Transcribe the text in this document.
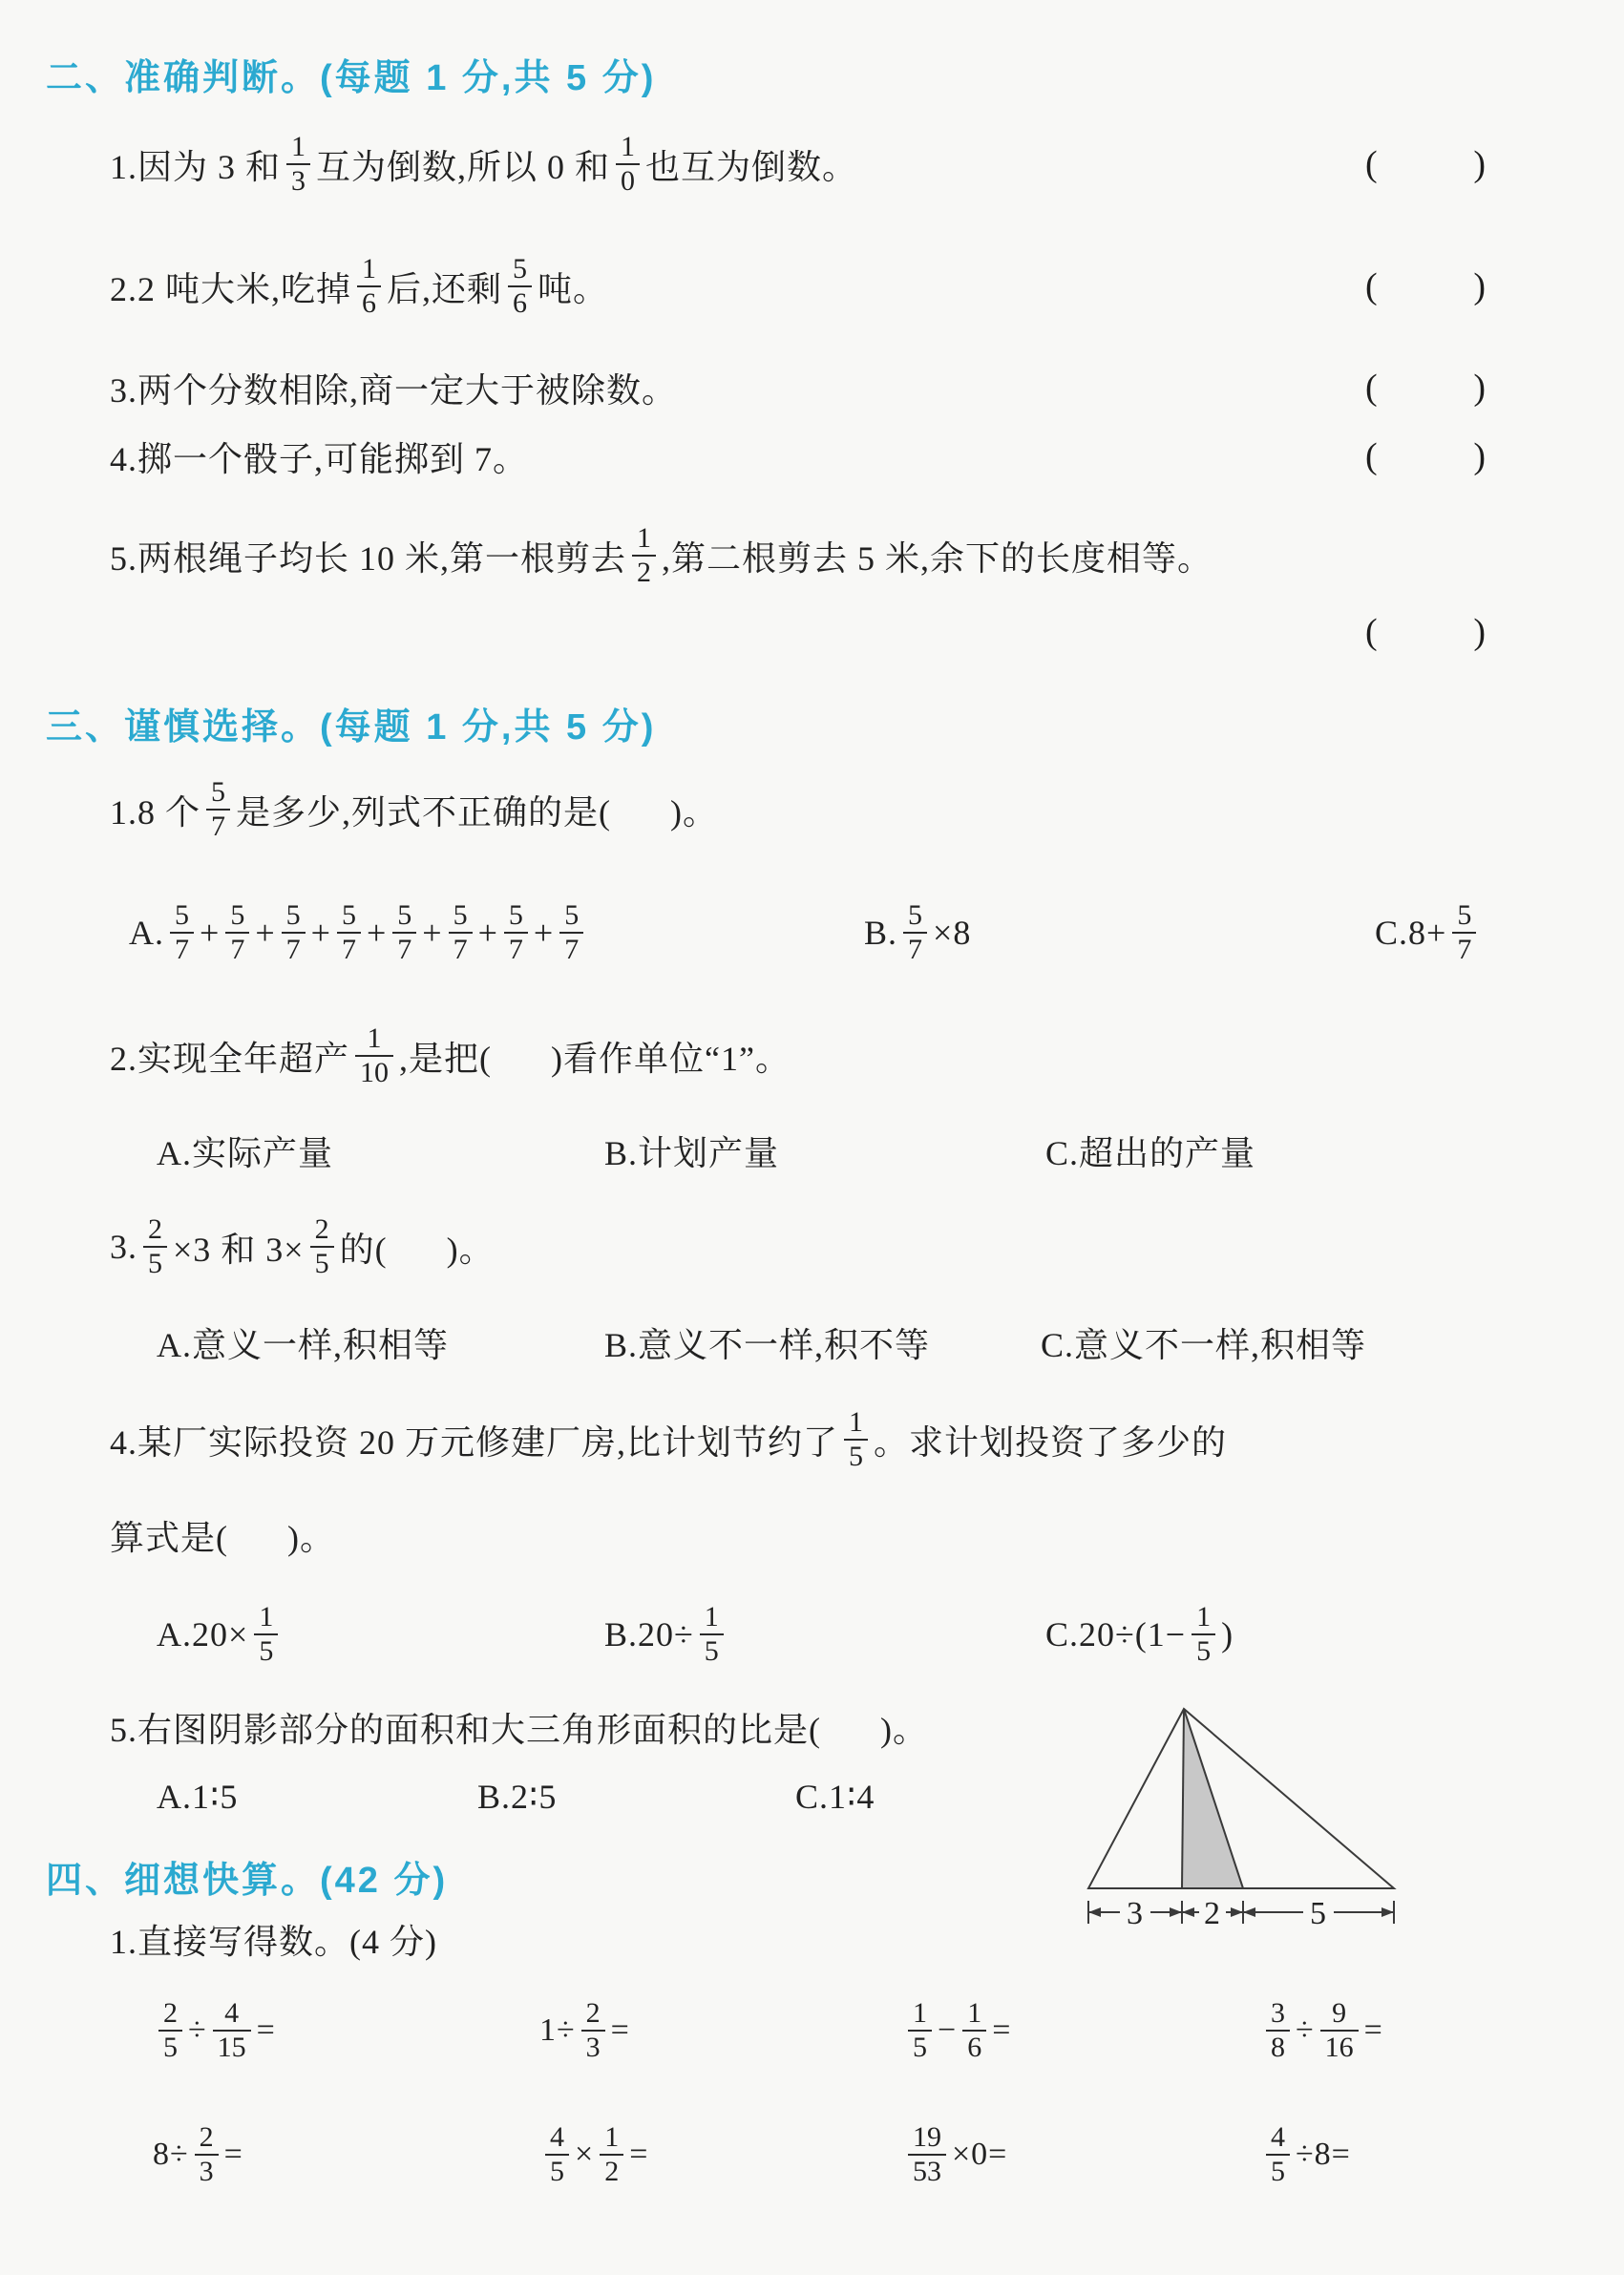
二、准确判断。(每题 1 分,共 5 分)
1.因为 3 和 $\frac{1}{3}$ 互为倒数,所以 0 和 $\frac{1}{0}$ 也互为倒数。	(	)
2.2 吨大米,吃掉 $\frac{1}{6}$ 后,还剩 $\frac{5}{6}$ 吨。	(	)
3.两个分数相除,商一定大于被除数。	(	)
4.掷一个骰子,可能掷到 7。	(	)
5.两根绳子均长 10 米,第一根剪去 $\frac{1}{2}$ ,第二根剪去 5 米,余下的长度相等。
(	)
三、谨慎选择。(每题 1 分,共 5 分)
1.8 个 $\frac{5}{7}$ 是多少,列式不正确的是( )。
A. $\frac{5}{7} + \frac{5}{7} + \frac{5}{7} + \frac{5}{7} + \frac{5}{7} + \frac{5}{7} + \frac{5}{7} + \frac{5}{7}$	B. $\frac{5}{7} \times 8$	$C.8+ \frac{5}{7}$
2.实现全年超产 $\frac{1}{10}$ ,是把( )看作单位“1”。
A.实际产量	B.计划产量	C.超出的产量
3. $\frac{2}{5} \times 3$ 和 $3\times \frac{2}{5}$ 的( )。
A.意义一样,积相等	B.意义不一样,积不等	C.意义不一样,积相等
4.某厂实际投资 20 万元修建厂房,比计划节约了 $\frac{1}{5}$ 。求计划投资了多少的
算式是( )。
$A.20\times \frac{1}{5}$	$B.20\div \frac{1}{5}$	$C.20\div(1- \frac{1}{5}$ )
5.右图阴影部分的面积和大三角形面积的比是( )。
A.1∶5	B.2∶5	C.1∶4
3 2	5
四、细想快算。(42 分)
1.直接写得数。(4 分)
$\frac{2}{5} \div \frac{4}{15}$ =	$1\div \frac{2}{3}$ =	$\frac{1}{5} - \frac{1}{6}$ =	$\frac{3}{8} \div \frac{9}{16}$ =
$8\div \frac{2}{3}$ =	$\frac{4}{5} \times \frac{1}{2}$ =	$\frac{19}{53} \times 0=$	$\frac{4}{5} \div 8=$
